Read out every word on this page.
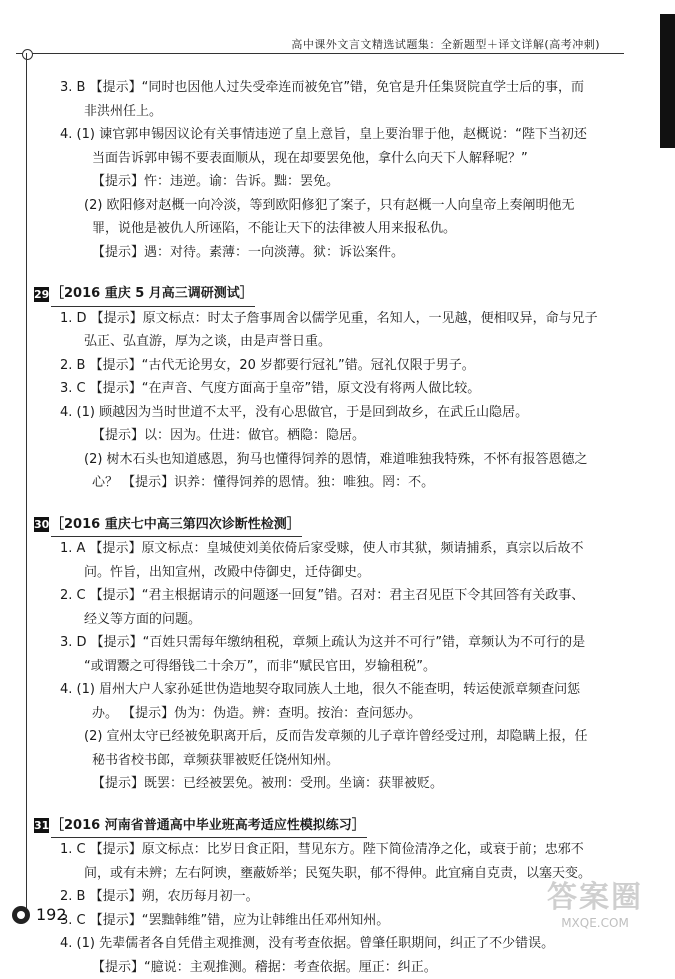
高中课外文言文精选试题集：全新题型＋译文详解(高考冲刺)
3. B 【提示】“同时也因他人过失受牵连而被免官”错，免官是升任集贤院直学士后的事，而
非洪州任上。
4. (1) 谏官郭申锡因议论有关事情违逆了皇上意旨，皇上要治罪于他，赵概说：“陛下当初还
当面告诉郭申锡不要表面顺从，现在却要罢免他，拿什么向天下人解释呢？”
【提示】忤：违逆。谕：告诉。黜：罢免。
(2) 欧阳修对赵概一向冷淡，等到欧阳修犯了案子，只有赵概一人向皇帝上奏阐明他无
罪，说他是被仇人所诬陷，不能让天下的法律被人用来报私仇。
【提示】遇：对待。素薄：一向淡薄。狱：诉讼案件。
29 ［2016 重庆 5 月高三调研测试］
1. D 【提示】原文标点：时太子詹事周舍以儒学见重，名知人，一见越，便相叹异，命与兄子
弘正、弘直游，厚为之谈，由是声誉日重。
2. B 【提示】“古代无论男女，20 岁都要行冠礼”错。冠礼仅限于男子。
3. C 【提示】“在声音、气度方面高于皇帝”错，原文没有将两人做比较。
4. (1) 顾越因为当时世道不太平，没有心思做官，于是回到故乡，在武丘山隐居。
【提示】以：因为。仕进：做官。栖隐：隐居。
(2) 树木石头也知道感恩，狗马也懂得饲养的恩情，难道唯独我特殊，不怀有报答恩德之
心？ 【提示】识养：懂得饲养的恩情。独：唯独。罔：不。
30 ［2016 重庆七中高三第四次诊断性检测］
1. A 【提示】原文标点：皇城使刘美依倚后家受赇，使人市其狱，频请捕系，真宗以后故不
问。忤旨，出知宣州，改殿中侍御史，迁侍御史。
2. C 【提示】“君主根据请示的问题逐一回复”错。召对：君主召见臣下令其回答有关政事、
经义等方面的问题。
3. D 【提示】“百姓只需每年缴纳租税，章频上疏认为这并不可行”错，章频认为不可行的是
“或谓鬻之可得缗钱二十余万”，而非“赋民官田，岁输租税”。
4. (1) 眉州大户人家孙延世伪造地契夺取同族人土地，很久不能查明，转运使派章频查问惩
办。 【提示】伪为：伪造。辨：查明。按治：查问惩办。
(2) 宣州太守已经被免职离开后，反而告发章频的儿子章许曾经受过刑，却隐瞒上报，任
秘书省校书郎，章频获罪被贬任饶州知州。
【提示】既罢：已经被罢免。被刑：受刑。坐谪：获罪被贬。
31 ［2016 河南省普通高中毕业班高考适应性模拟练习］
1. C 【提示】原文标点：比岁日食正阳，彗见东方。陛下简俭清净之化，或衰于前；忠邪不
间，或有未辨；左右阿谀，壅蔽娇举；民冤失职，郁不得伸。此宜痛自克责，以塞天变。
2. B 【提示】朔，农历每月初一。
3. C 【提示】“罢黜韩维”错，应为让韩维出任邓州知州。
4. (1) 先辈儒者各自凭借主观推测，没有考查依据。曾肇任职期间，纠正了不少错误。
【提示】“臆说：主观推测。稽据：考查依据。厘正：纠正。
192	答案圈
MXQE.COM
